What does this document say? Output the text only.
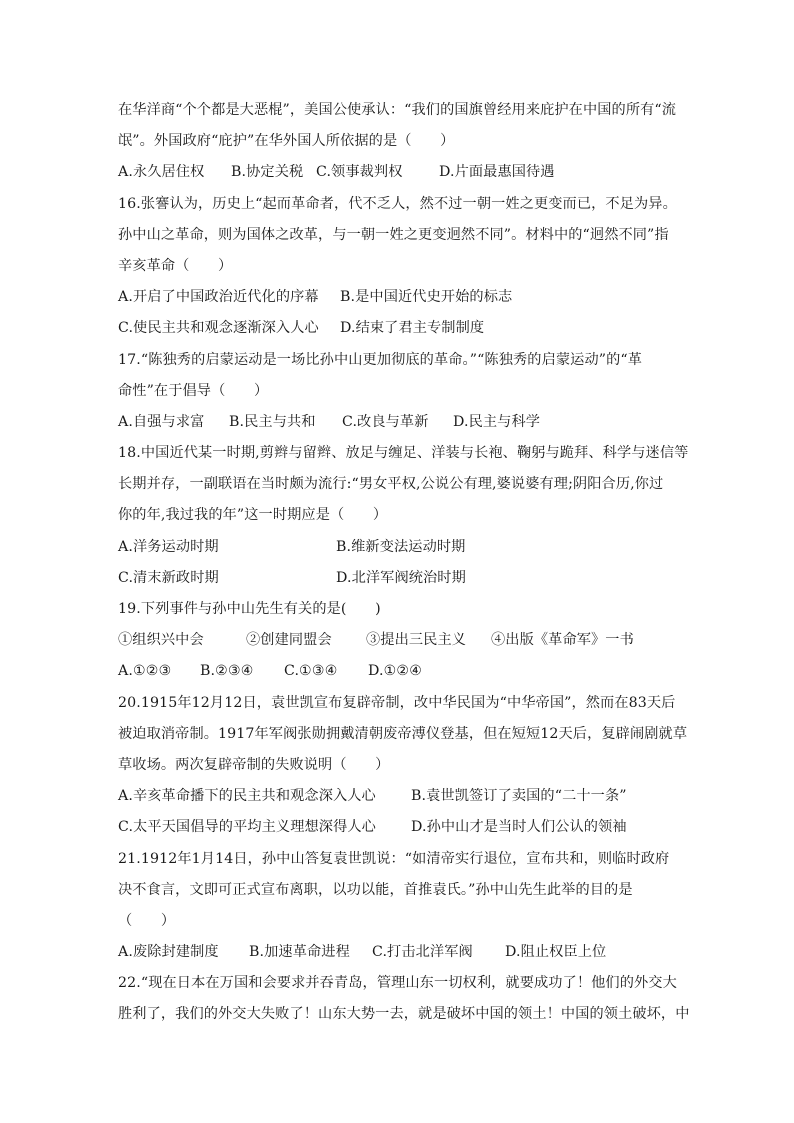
在华洋商“个个都是大恶棍”，美国公使承认：“我们的国旗曾经用来庇护在中国的所有“流
氓”。外国政府“庇护”在华外国人所依据的是（　　）
A.永久居住权	B.协定关税 C.领事裁判权	D.片面最惠国待遇
16.张謇认为，历史上“起而革命者，代不乏人，然不过一朝一姓之更变而已，不足为异。
孙中山之革命，则为国体之改革，与一朝一姓之更变迥然不同”。材料中的“迥然不同”指
辛亥革命（　　）
A.开启了中国政治近代化的序幕	B.是中国近代史开始的标志
C.使民主共和观念逐渐深入人心	D.结束了君主专制制度
17.“陈独秀的启蒙运动是一场比孙中山更加彻底的革命。”“陈独秀的启蒙运动”的“革
命性”在于倡导（　　）
A.自强与求富	B.民主与共和	C.改良与革新	D.民主与科学
18.中国近代某一时期,剪辫与留辫、放足与缠足、洋装与长袍、鞠躬与跪拜、科学与迷信等
长期并存，一副联语在当时颇为流行:“男女平权,公说公有理,婆说婆有理;阴阳合历,你过
你的年,我过我的年”这一时期应是（　　）
A.洋务运动时期	B.维新变法运动时期
C.清末新政时期	D.北洋军阀统治时期
19.下列事件与孙中山先生有关的是(　　)
①组织兴中会	②创建同盟会	③提出三民主义	④出版《革命军》一书
A.①②③	B.②③④	C.①③④	D.①②④
20.1915年12月12日，袁世凯宣布复辟帝制，改中华民国为“中华帝国”，然而在83天后
被迫取消帝制。1917年军阀张勋拥戴清朝废帝溥仪登基，但在短短12天后，复辟闹剧就草
草收场。两次复辟帝制的失败说明（　　）
A.辛亥革命播下的民主共和观念深入人心	B.袁世凯签订了卖国的“二十一条”
C.太平天国倡导的平均主义理想深得人心	D.孙中山才是当时人们公认的领袖
21.1912年1月14日，孙中山答复袁世凯说：“如清帝实行退位，宣布共和，则临时政府
决不食言，文即可正式宣布离职，以功以能，首推袁氏。”孙中山先生此举的目的是
（　　）
A.废除封建制度	B.加速革命进程	C.打击北洋军阀	D.阻止权臣上位
22.“现在日本在万国和会要求并吞青岛，管理山东一切权利，就要成功了！他们的外交大
胜利了，我们的外交大失败了！山东大势一去，就是破坏中国的领土！中国的领土破坏，中
